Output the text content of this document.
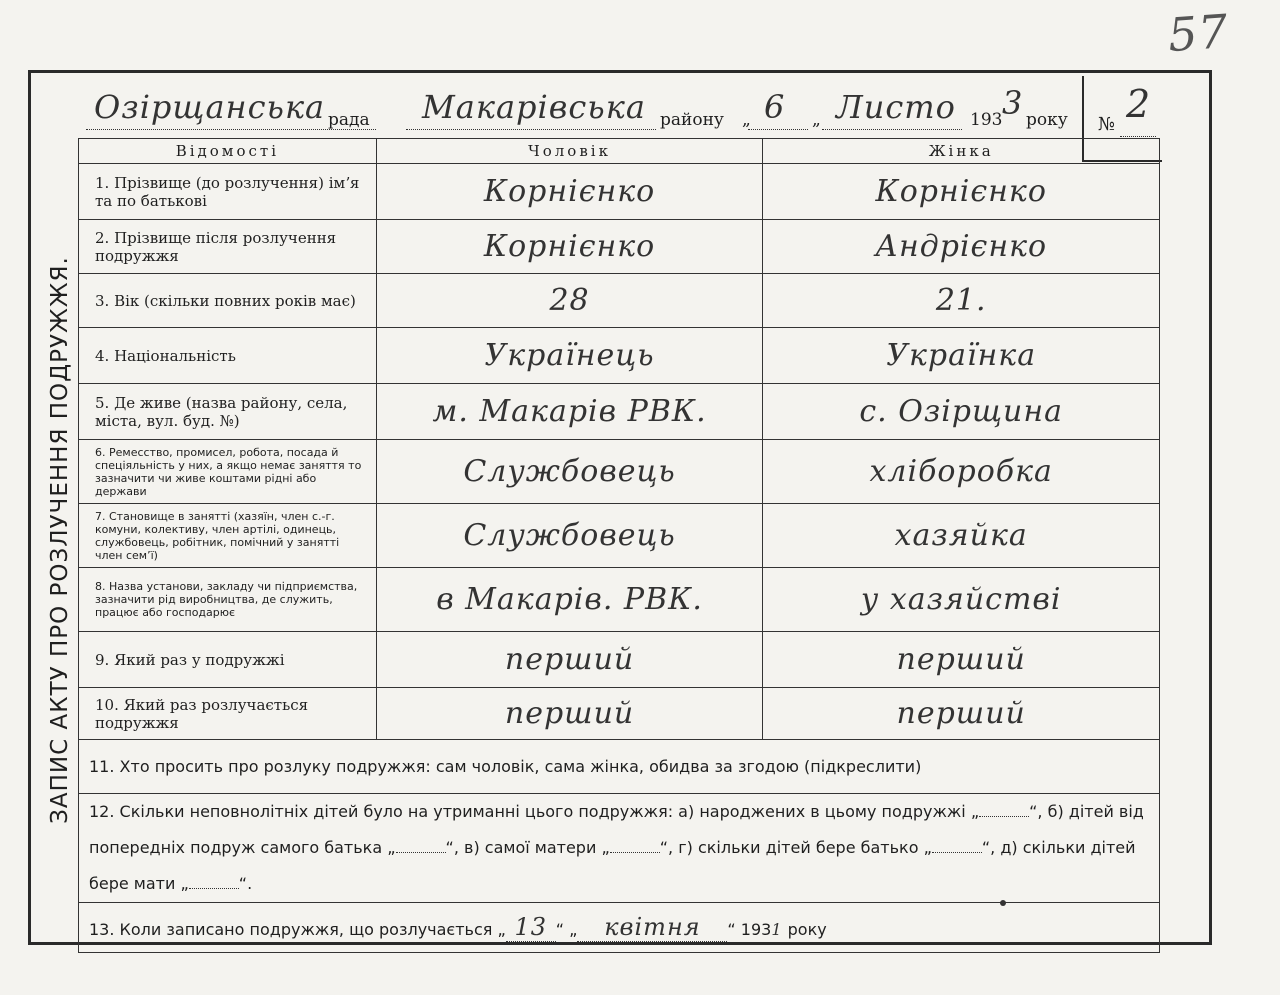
57
Озірщанська рада Макарівська району „ 6 „ Листо 193 3 року № 2
ЗАПИС АКТУ ПРО РОЗЛУЧЕННЯ ПОДРУЖЖЯ.
Відомості	Чоловік	Жінка
1. Прізвище (до розлучення) імʼя та по батькові	Корнієнко	Корнієнко
2. Прізвище після розлучення подружжя	Корнієнко	Андрієнко
3. Вік (скільки повних років має)	28	21.
4. Національність	Українець	Українка
5. Де живе (назва району, села, міста, вул. буд. №)	м. Макарів РВК.	с. Озірщина
6. Ремесство, промисел, робота, посада й спеціяльність у них, а якщо немає заняття то зазначити чи живе коштами рідні або держави	Службовець	хліборобка
7. Становище в занятті (хазяїн, член с.-г. комуни, колективу, член артілі, одинець, службовець, робітник, помічний у занятті член семʼї)	Службовець	хазяйка
8. Назва установи, закладу чи підприємства, зазначити рід виробництва, де служить, працює або господарює	в Макарів. РВК.	у хазяйстві
9. Який раз у подружжі	перший	перший
10. Який раз розлучається подружжя	перший	перший
11. Хто просить про розлуку подружжя: сам чоловік, сама жінка, обидва за згодою (підкреслити)		
12. Скільки неповнолітніх дітей було на утриманні цього подружжя: а) народжених в цьому подружжі „ “, б) дітей від попередніх подруж самого батька „ “, в) самої матери „ “, г) скільки дітей бере батько „ “, д) скільки дітей бере мати „ “.		
13. Коли записано подружжя, що розлучається „ 13 “ „ квітня “ 1931 року		
